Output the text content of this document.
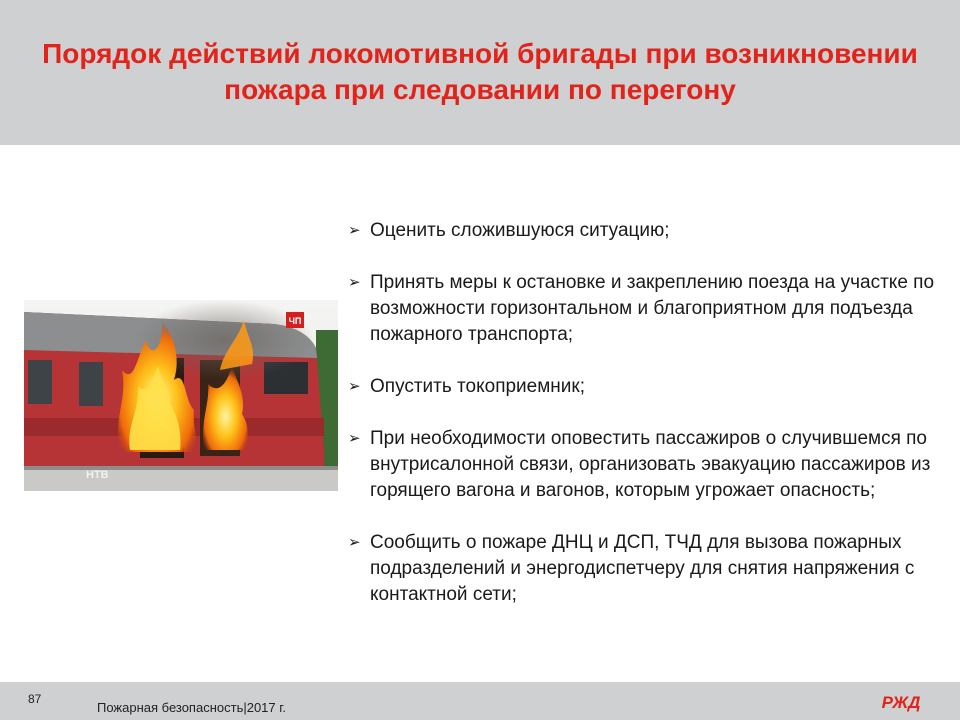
Порядок действий локомотивной бригады при возникновении пожара при следовании по перегону
ЧП
НТВ
➢ Оценить сложившуюся ситуацию;
➢ Принять меры к остановке и закреплению поезда на участке по возможности горизонтальном и благоприятном для подъезда пожарного транспорта;
➢ Опустить токоприемник;
➢ При необходимости оповестить пассажиров о случившемся по внутрисалонной связи, организовать эвакуацию пассажиров из горящего вагона и вагонов, которым угрожает опасность;
➢ Сообщить о пожаре ДНЦ и ДСП, ТЧД для вызова пожарных подразделений и энергодиспетчеру для снятия напряжения с контактной сети;
87
Пожарная безопасность|2017 г.	РЖД
